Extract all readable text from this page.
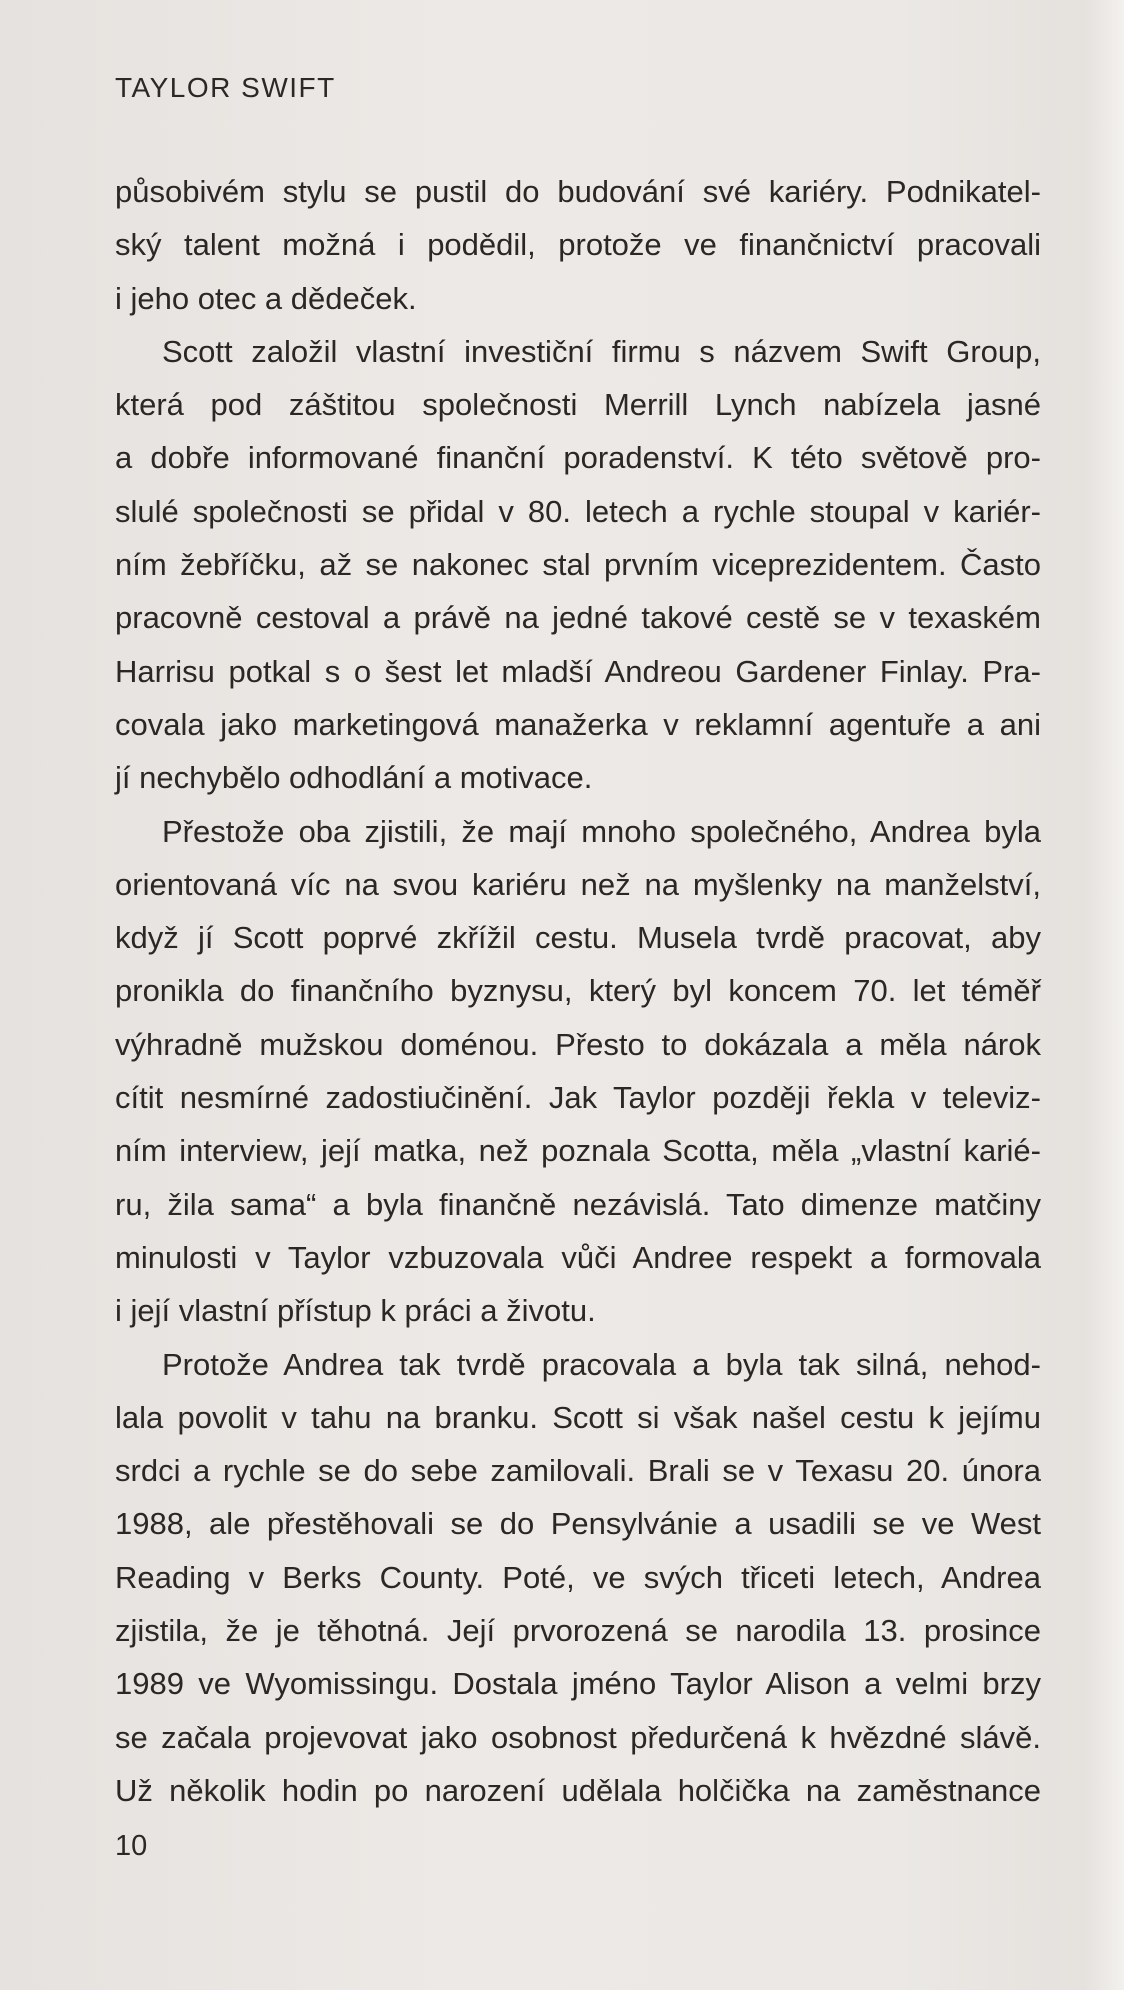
TAYLOR SWIFT
působivém stylu se pustil do budování své kariéry. Podnikatel-
ský talent možná i podědil, protože ve finančnictví pracovali
i jeho otec a dědeček.
Scott založil vlastní investiční firmu s názvem Swift Group,
která pod záštitou společnosti Merrill Lynch nabízela jasné
a dobře informované finanční poradenství. K této světově pro-
slulé společnosti se přidal v 80. letech a rychle stoupal v kariér-
ním žebříčku, až se nakonec stal prvním viceprezidentem. Často
pracovně cestoval a právě na jedné takové cestě se v texaském
Harrisu potkal s o šest let mladší Andreou Gardener Finlay. Pra-
covala jako marketingová manažerka v reklamní agentuře a ani
jí nechybělo odhodlání a motivace.
Přestože oba zjistili, že mají mnoho společného, Andrea byla
orientovaná víc na svou kariéru než na myšlenky na manželství,
když jí Scott poprvé zkřížil cestu. Musela tvrdě pracovat, aby
pronikla do finančního byznysu, který byl koncem 70. let téměř
výhradně mužskou doménou. Přesto to dokázala a měla nárok
cítit nesmírné zadostiučinění. Jak Taylor později řekla v televiz-
ním interview, její matka, než poznala Scotta, měla „vlastní karié-
ru, žila sama“ a byla finančně nezávislá. Tato dimenze matčiny
minulosti v Taylor vzbuzovala vůči Andree respekt a formovala
i její vlastní přístup k práci a životu.
Protože Andrea tak tvrdě pracovala a byla tak silná, nehod-
lala povolit v tahu na branku. Scott si však našel cestu k jejímu
srdci a rychle se do sebe zamilovali. Brali se v Texasu 20. února
1988, ale přestěhovali se do Pensylvánie a usadili se ve West
Reading v Berks County. Poté, ve svých třiceti letech, Andrea
zjistila, že je těhotná. Její prvorozená se narodila 13. prosince
1989 ve Wyomissingu. Dostala jméno Taylor Alison a velmi brzy
se začala projevovat jako osobnost předurčená k hvězdné slávě.
Už několik hodin po narození udělala holčička na zaměstnance
10
